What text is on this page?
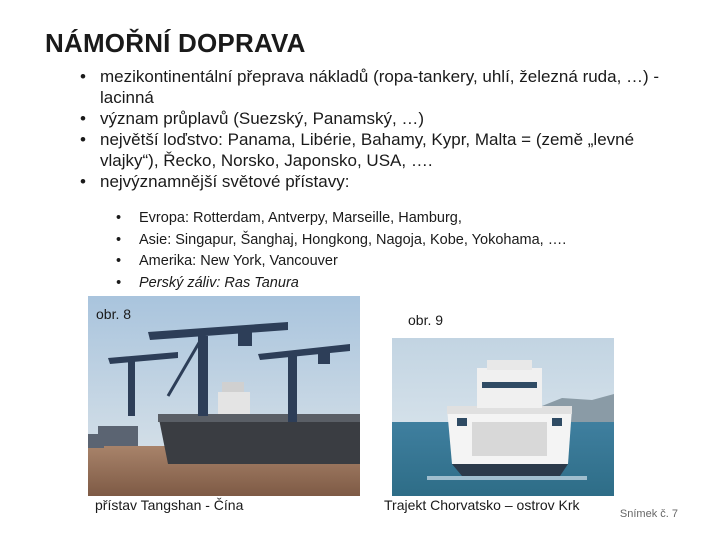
NÁMOŘNÍ DOPRAVA
• mezikontinentální přeprava nákladů (ropa-tankery, uhlí, železná ruda, …) - lacinná
• význam průplavů (Suezský, Panamský, …)
• největší loďstvo: Panama, Libérie, Bahamy, Kypr, Malta = (země „levné vlajky“), Řecko, Norsko, Japonsko, USA, ….
• nejvýznamnější světové přístavy:
• Evropa: Rotterdam, Antverpy, Marseille, Hamburg,
• Asie: Singapur, Šanghaj, Hongkong, Nagoja, Kobe, Yokohama, ….
• Amerika: New York, Vancouver
• Perský záliv: Ras Tanura
obr. 8
přístav Tangshan - Čína
obr. 9
Trajekt Chorvatsko – ostrov Krk
Snímek č. 7
